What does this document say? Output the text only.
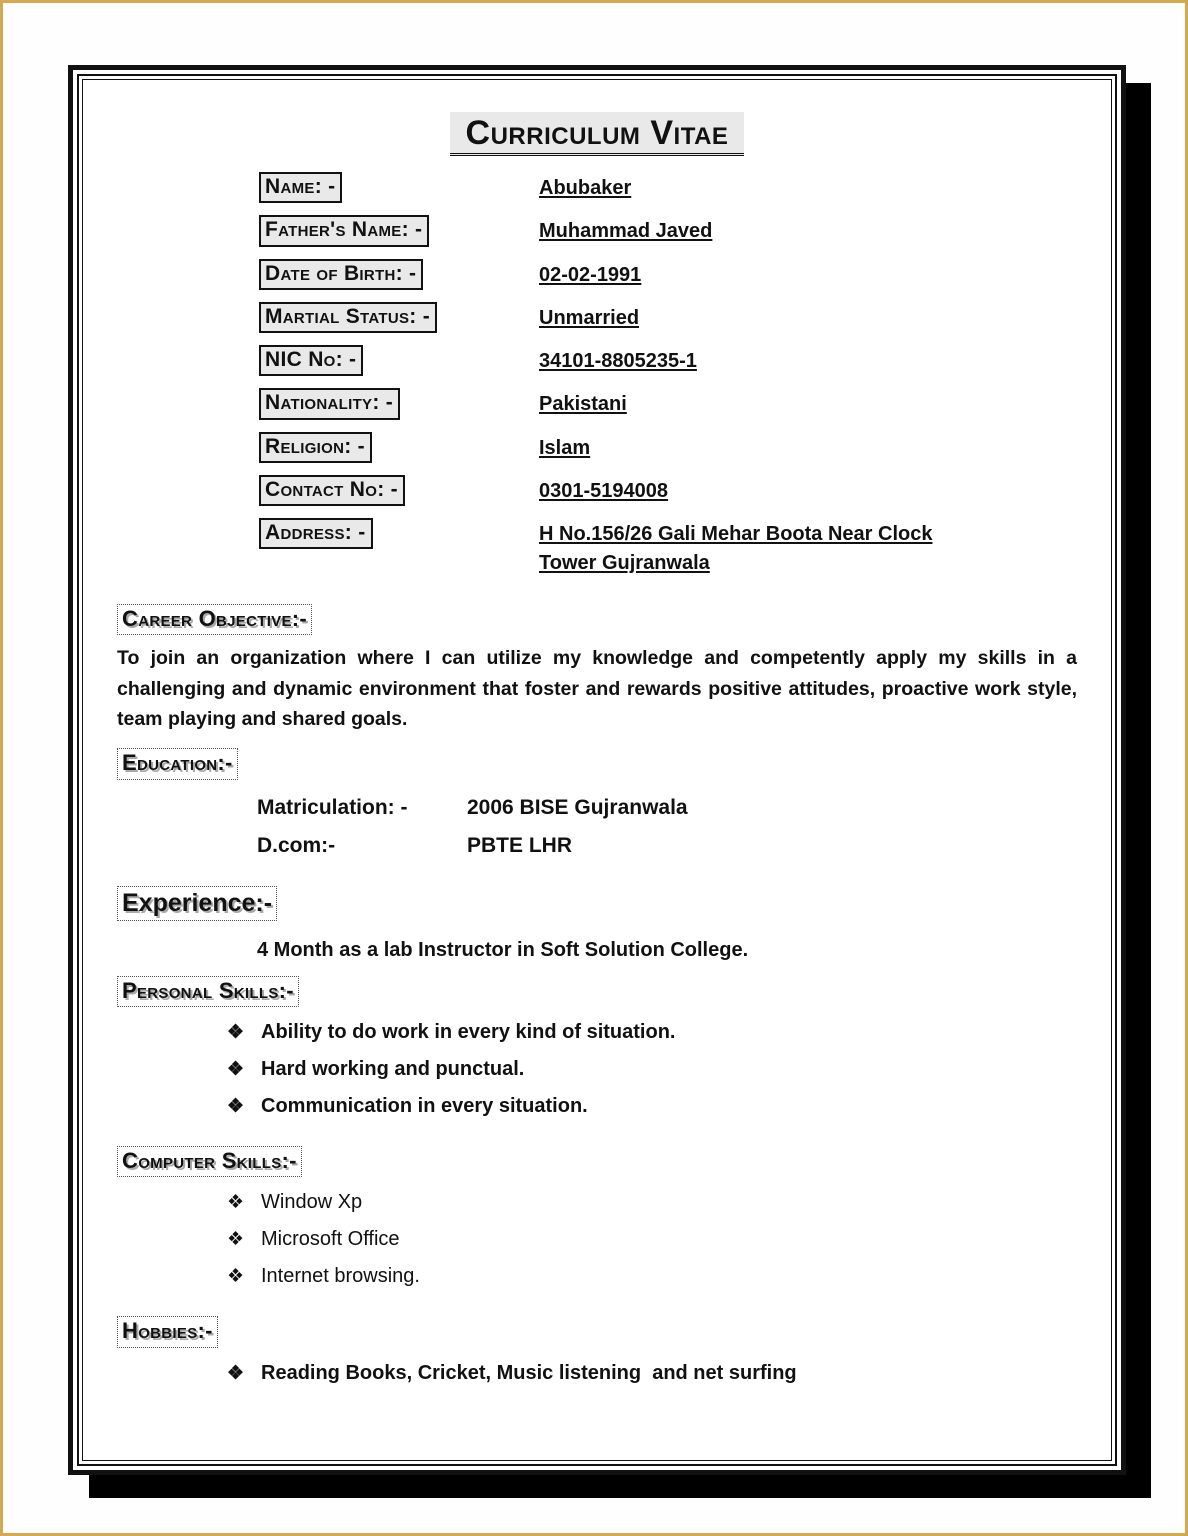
Curriculum Vitae
Name: -	Abubaker
Father's Name: -	Muhammad Javed
Date of Birth: -	02-02-1991
Martial Status: -	Unmarried
NIC No: -	34101-8805235-1
Nationality: -	Pakistani
Religion: -	Islam
Contact No: -	0301-5194008
Address: -	H No.156/26 Gali Mehar Boota Near Clock
Tower Gujranwala
Career Objective:-

To join an organization where I can utilize my knowledge and competently apply my skills in a challenging and dynamic environment that foster and rewards positive attitudes, proactive work style, team playing and shared goals.

Education:-
Matriculation: -	2006 BISE Gujranwala
D.com:-	PBTE LHR
Experience:-
4 Month as a lab Instructor in Soft Solution College.
Personal Skills:-
❖ Ability to do work in every kind of situation.
❖ Hard working and punctual.
❖ Communication in every situation.
Computer Skills:-
❖ Window Xp
❖ Microsoft Office
❖ Internet browsing.
Hobbies:-
❖ Reading Books, Cricket, Music listening  and net surfing
